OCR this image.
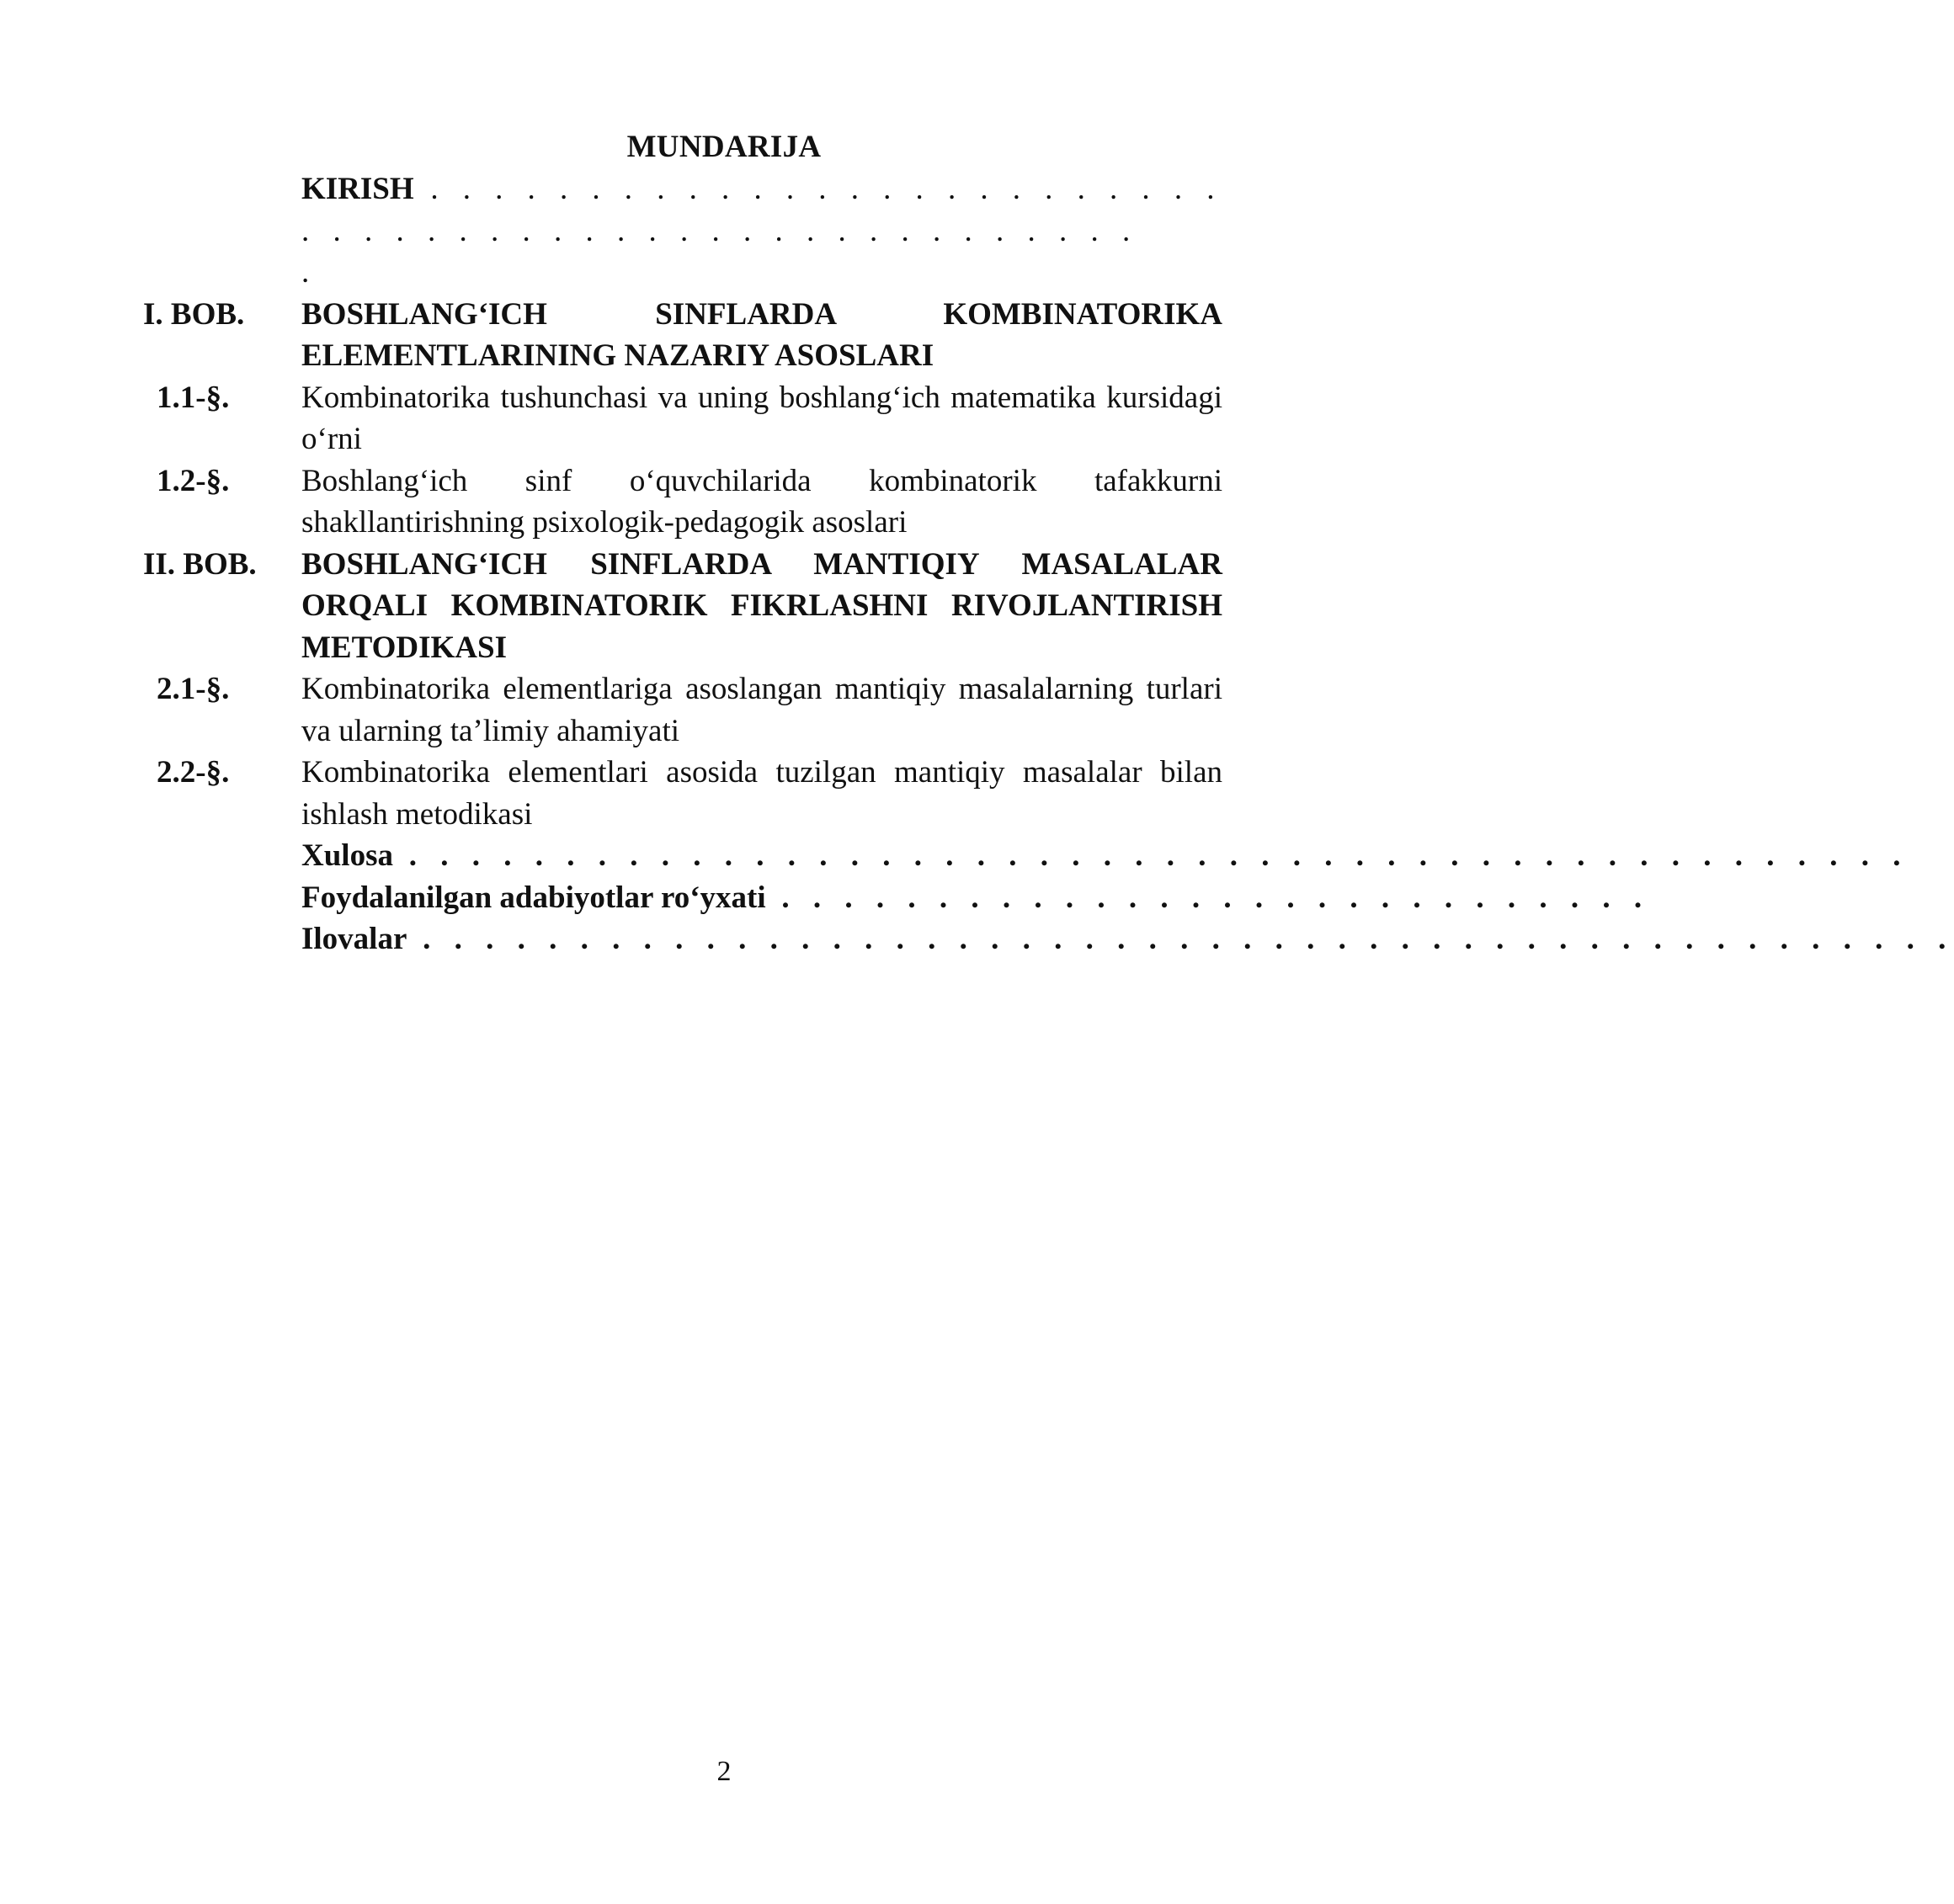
MUNDARIJA
KIRISH . . . . . . . . . . . . . . . . . . . . . . . . . . . . . . . . . . . . . . . . . . . . . . . . . . . .
.
I. BOB.	BOSHLANG‘ICH SINFLARDA KOMBINATORIKA ELEMENTLARINING NAZARIY ASOSLARI
1.1-§.	Kombinatorika tushunchasi va uning boshlang‘ich matematika kursidagi o‘rni
1.2-§.	Boshlang‘ich sinf o‘quvchilarida kombinatorik tafakkurni shakllantirishning psixologik-pedagogik asoslari
II. BOB.	BOSHLANG‘ICH SINFLARDA MANTIQIY MASALALAR ORQALI KOMBINATORIK FIKRLASHNI RIVOJLANTIRISH METODIKASI
2.1-§.	Kombinatorika elementlariga asoslangan mantiqiy masalalarning turlari va ularning ta’limiy ahamiyati
2.2-§.	Kombinatorika elementlari asosida tuzilgan mantiqiy masalalar bilan ishlash metodikasi
Xulosa . . . . . . . . . . . . . . . . . . . . . . . . . . . . . . . . . . . . . . . . . . . . . . . .
Foydalanilgan adabiyotlar ro‘yxati . . . . . . . . . . . . . . . . . . . . . . . . . . . .
Ilovalar . . . . . . . . . . . . . . . . . . . . . . . . . . . . . . . . . . . . . . . . . . . . . . . . .
2
